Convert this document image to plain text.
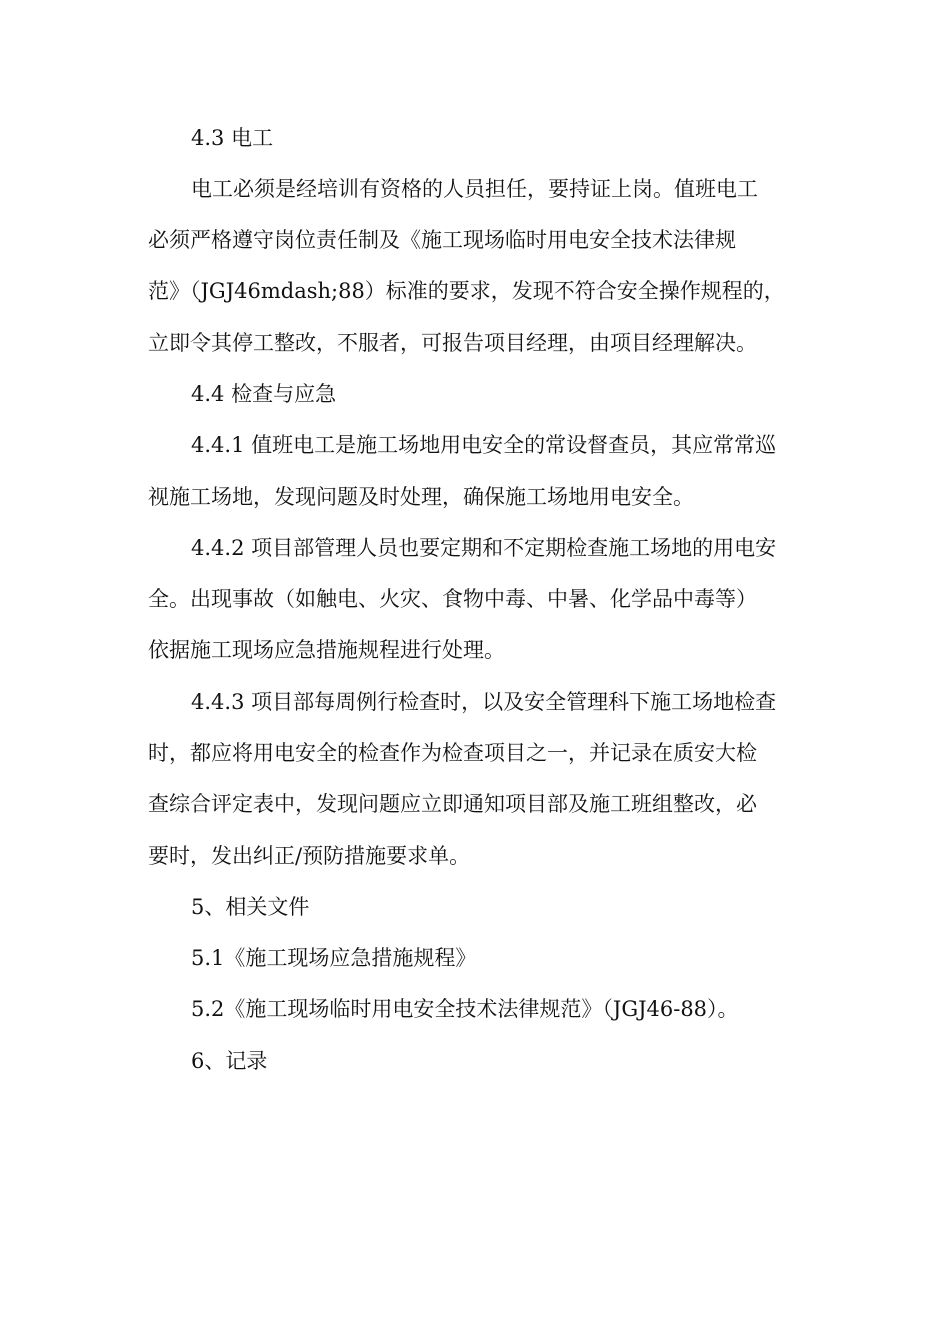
4.3 电工
电工必须是经培训有资格的人员担任，要持证上岗。值班电工
必须严格遵守岗位责任制及《施工现场临时用电安全技术法律规
范》（JGJ46mdash;88）标准的要求，发现不符合安全操作规程的，
立即令其停工整改，不服者，可报告项目经理，由项目经理解决。
4.4 检查与应急
4.4.1 值班电工是施工场地用电安全的常设督查员，其应常常巡
视施工场地，发现问题及时处理，确保施工场地用电安全。
4.4.2 项目部管理人员也要定期和不定期检查施工场地的用电安
全。出现事故（如触电、火灾、食物中毒、中暑、化学品中毒等）
依据施工现场应急措施规程进行处理。
4.4.3 项目部每周例行检查时，以及安全管理科下施工场地检查
时，都应将用电安全的检查作为检查项目之一，并记录在质安大检
查综合评定表中，发现问题应立即通知项目部及施工班组整改，必
要时，发出纠正/预防措施要求单。
5、相关文件
5.1《施工现场应急措施规程》
5.2《施工现场临时用电安全技术法律规范》（JGJ46-88）。
6、记录
